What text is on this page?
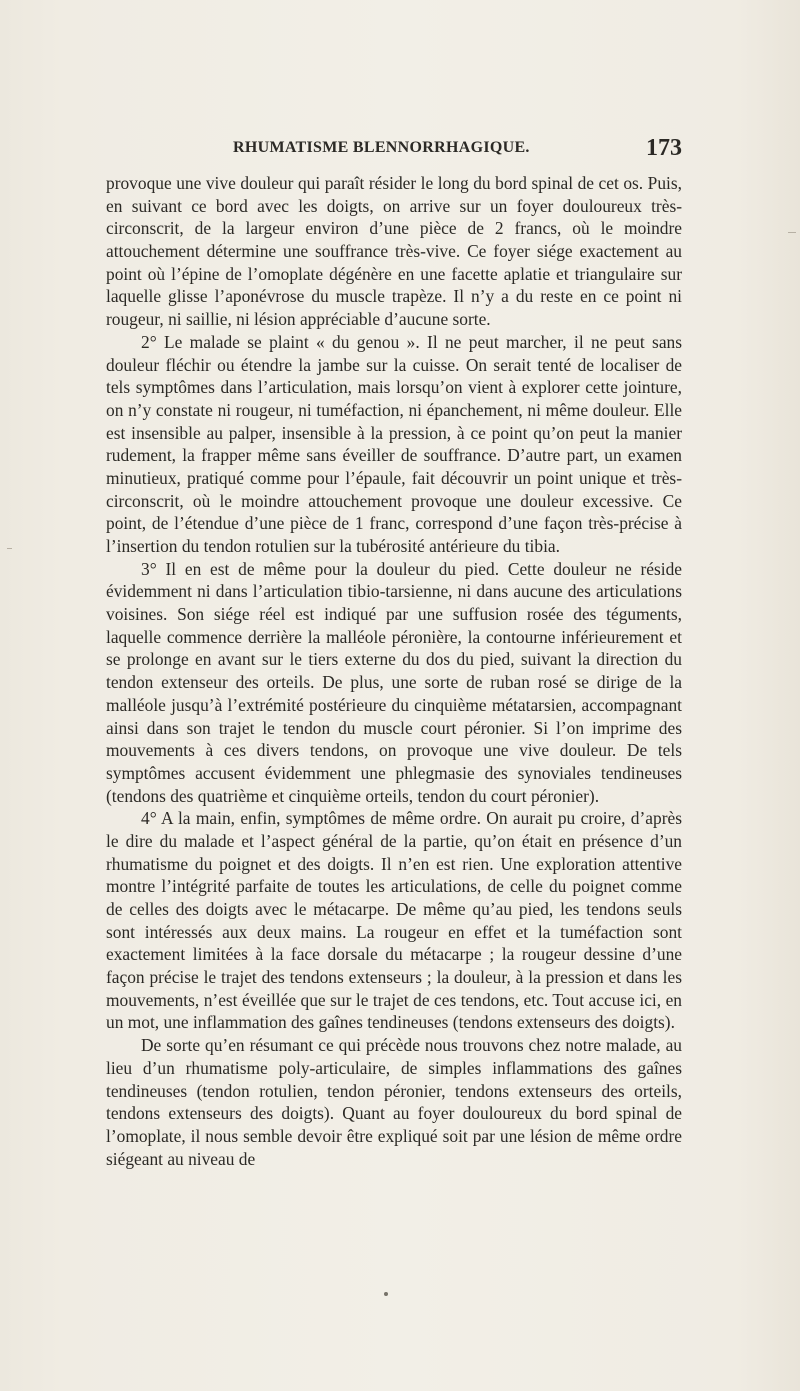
RHUMATISME BLENNORRHAGIQUE.	173

provoque une vive douleur qui paraît résider le long du bord spinal de cet os. Puis, en suivant ce bord avec les doigts, on arrive sur un foyer douloureux très-circonscrit, de la largeur environ d’une pièce de 2 francs, où le moindre attouchement détermine une souffrance très-vive. Ce foyer siége exactement au point où l’épine de l’omoplate dégénère en une facette aplatie et triangulaire sur laquelle glisse l’aponévrose du muscle trapèze. Il n’y a du reste en ce point ni rougeur, ni saillie, ni lésion appréciable d’aucune sorte.

2° Le malade se plaint « du genou ». Il ne peut marcher, il ne peut sans douleur fléchir ou étendre la jambe sur la cuisse. On serait tenté de localiser de tels symptômes dans l’articulation, mais lorsqu’on vient à explorer cette jointure, on n’y constate ni rougeur, ni tuméfaction, ni épanchement, ni même douleur. Elle est insensible au palper, insensible à la pression, à ce point qu’on peut la manier rudement, la frapper même sans éveiller de souffrance. D’autre part, un examen minutieux, pratiqué comme pour l’épaule, fait découvrir un point unique et très-circonscrit, où le moindre attouchement provoque une douleur excessive. Ce point, de l’étendue d’une pièce de 1 franc, correspond d’une façon très-précise à l’insertion du tendon rotulien sur la tubérosité antérieure du tibia.

3° Il en est de même pour la douleur du pied. Cette douleur ne réside évidemment ni dans l’articulation tibio-tarsienne, ni dans aucune des articulations voisines. Son siége réel est indiqué par une suffusion rosée des téguments, laquelle commence derrière la malléole péronière, la contourne inférieurement et se prolonge en avant sur le tiers externe du dos du pied, suivant la direction du tendon extenseur des orteils. De plus, une sorte de ruban rosé se dirige de la malléole jusqu’à l’extrémité postérieure du cinquième métatarsien, accompagnant ainsi dans son trajet le tendon du muscle court péronier. Si l’on imprime des mouvements à ces divers tendons, on provoque une vive douleur. De tels symptômes accusent évidemment une phlegmasie des synoviales tendineuses (tendons des quatrième et cinquième orteils, tendon du court péronier).

4° A la main, enfin, symptômes de même ordre. On aurait pu croire, d’après le dire du malade et l’aspect général de la partie, qu’on était en présence d’un rhumatisme du poignet et des doigts. Il n’en est rien. Une exploration attentive montre l’intégrité parfaite de toutes les articulations, de celle du poignet comme de celles des doigts avec le métacarpe. De même qu’au pied, les tendons seuls sont intéressés aux deux mains. La rougeur en effet et la tuméfaction sont exactement limitées à la face dorsale du métacarpe ; la rougeur dessine d’une façon précise le trajet des tendons extenseurs ; la douleur, à la pression et dans les mouvements, n’est éveillée que sur le trajet de ces tendons, etc. Tout accuse ici, en un mot, une inflammation des gaînes tendineuses (tendons extenseurs des doigts).

De sorte qu’en résumant ce qui précède nous trouvons chez notre malade, au lieu d’un rhumatisme poly-articulaire, de simples inflammations des gaînes tendineuses (tendon rotulien, tendon péronier, tendons extenseurs des orteils, tendons extenseurs des doigts). Quant au foyer douloureux du bord spinal de l’omoplate, il nous semble devoir être expliqué soit par une lésion de même ordre siégeant au niveau de
